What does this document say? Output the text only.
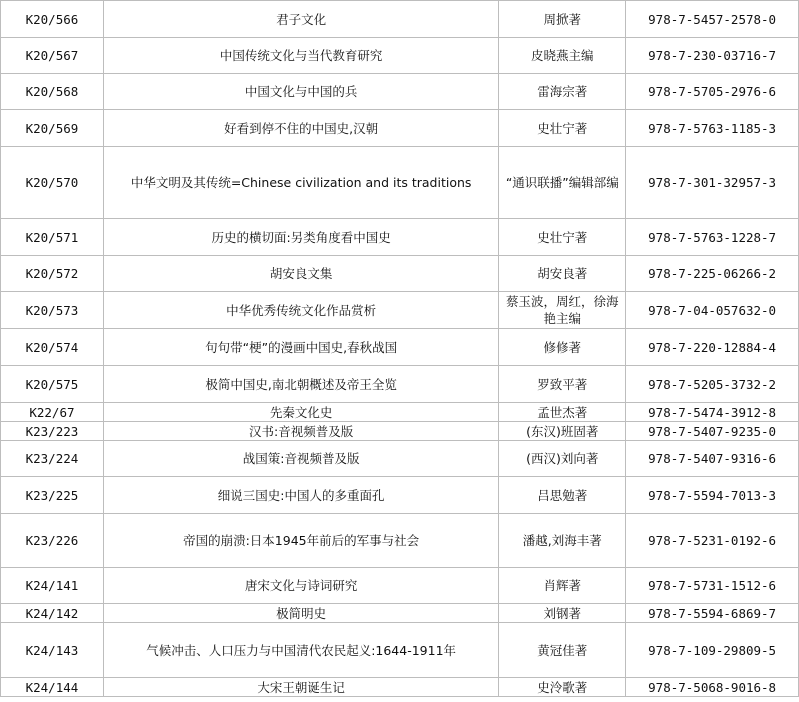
K20/566	君子文化	周掀著	978-7-5457-2578-0
K20/567	中国传统文化与当代教育研究	皮晓燕主编	978-7-230-03716-7
K20/568	中国文化与中国的兵	雷海宗著	978-7-5705-2976-6
K20/569	好看到停不住的中国史,汉朝	史壮宁著	978-7-5763-1185-3
K20/570	中华文明及其传统=Chinese civilization and its traditions	“通识联播”编辑部编	978-7-301-32957-3
K20/571	历史的横切面:另类角度看中国史	史壮宁著	978-7-5763-1228-7
K20/572	胡安良文集	胡安良著	978-7-225-06266-2
K20/573	中华优秀传统文化作品赏析	蔡玉波，周红，徐海艳主编	978-7-04-057632-0
K20/574	句句带“梗”的漫画中国史,春秋战国	修修著	978-7-220-12884-4
K20/575	极简中国史,南北朝概述及帝王全览	罗致平著	978-7-5205-3732-2
K22/67	先秦文化史	孟世杰著	978-7-5474-3912-8
K23/223	汉书:音视频普及版	(东汉)班固著	978-7-5407-9235-0
K23/224	战国策:音视频普及版	(西汉)刘向著	978-7-5407-9316-6
K23/225	细说三国史:中国人的多重面孔	吕思勉著	978-7-5594-7013-3
K23/226	帝国的崩溃:日本1945年前后的军事与社会	潘越,刘海丰著	978-7-5231-0192-6
K24/141	唐宋文化与诗词研究	肖辉著	978-7-5731-1512-6
K24/142	极简明史	刘钢著	978-7-5594-6869-7
K24/143	气候冲击、人口压力与中国清代农民起义:1644-1911年	黄冠佳著	978-7-109-29809-5
K24/144	大宋王朝诞生记	史泠歌著	978-7-5068-9016-8
